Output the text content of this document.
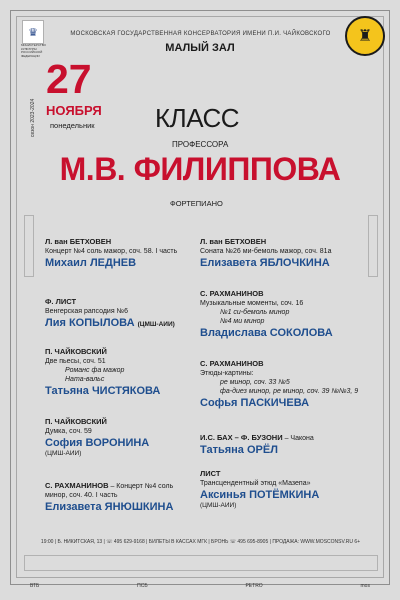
♛
МИНИСТЕРСТВО КУЛЬТУРЫ РОССИЙСКОЙ ФЕДЕРАЦИИ
♜
МОСКОВСКАЯ ГОСУДАРСТВЕННАЯ КОНСЕРВАТОРИЯ ИМЕНИ П.И. ЧАЙКОВСКОГО
МАЛЫЙ ЗАЛ
сезон 2023-2024
27
НОЯБРЯ
понедельник КЛАСС
ПРОФЕССОРА
М.В. ФИЛИППОВА
ФОРТЕПИАНО
Л. ван БЕТХОВЕН
Концерт №4 соль мажор, соч. 58. I часть
Михаил ЛЕДНЕВ
Ф. ЛИСТ
Венгерская рапсодия №6
Лия КОПЫЛОВА (ЦМШ-АИИ)
П. ЧАЙКОВСКИЙ
Две пьесы, соч. 51
Романс фа мажор
Ната-вальс
Татьяна ЧИСТЯКОВА
П. ЧАЙКОВСКИЙ
Думка, соч. 59
София ВОРОНИНА
(ЦМШ-АИИ)
С. РАХМАНИНОВ – Концерт №4 соль минор, соч. 40. I часть
Елизавета ЯНЮШКИНА
Л. ван БЕТХОВЕН
Соната №26 ми-бемоль мажор, соч. 81а
Елизавета ЯБЛОЧКИНА
С. РАХМАНИНОВ
Музыкальные моменты, соч. 16
№1 си-бемоль минор
№4 ми минор
Владислава СОКОЛОВА
С. РАХМАНИНОВ
Этюды-картины:
ре минор, соч. 33 №5
фа-диез минор, ре минор, соч. 39 №№3, 9
Софья ПАСКИЧЕВА
И.С. БАХ – Ф. БУЗОНИ – Чакона
Татьяна ОРЁЛ
ЛИСТ
Трансцендентный этюд «Мазепа»
Аксинья ПОТЁМКИНА
(ЦМШ-АИИ)
19:00 | Б. НИКИТСКАЯ, 13 | ☏ 495 629-9168 | БИЛЕТЫ В КАССАХ МГК | БРОНЬ ☏ 495 695-8905 | ПРОДАЖА: WWW.MOSCONSV.RU 6+
ВТБ	ПСБ	РЕТRO	mos
